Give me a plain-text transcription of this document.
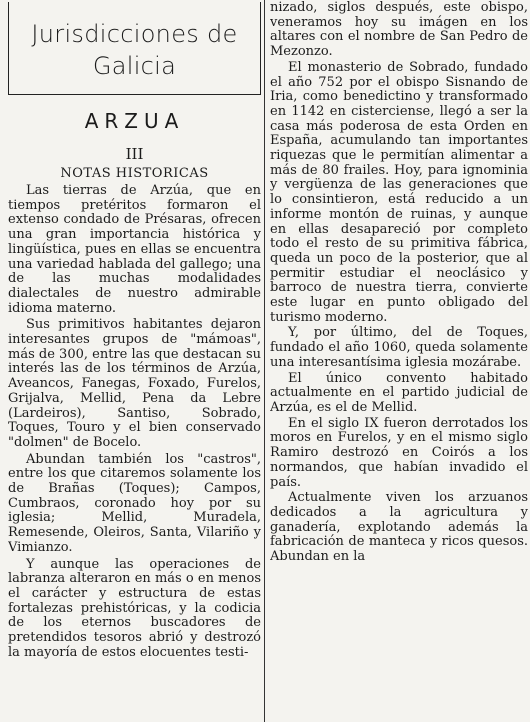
Jurisdicciones de
Galicia
ARZUA
III
NOTAS HISTORICAS

Las tierras de Arzúa, que en tiempos pretéritos formaron el extenso condado de Présaras, ofrecen una gran importancia histórica y lingüística, pues en ellas se encuentra una variedad hablada del gallego; una de las muchas modalidades dialectales de nuestro admirable idioma materno.

Sus primitivos habitantes dejaron interesantes grupos de "mámoas", más de 300, entre las que destacan su interés las de los términos de Arzúa, Aveancos, Fanegas, Foxado, Furelos, Grijalva, Mellid, Pena da Lebre (Lardeiros), Santiso, Sobrado, Toques, Touro y el bien conservado "dolmen" de Bocelo.

Abundan también los "castros", entre los que citaremos solamente los de Brañas (Toques); Campos, Cumbraos, coronado hoy por su iglesia; Mellid, Muradela, Remesende, Oleiros, Santa, Vilariño y Vimianzo.

Y aunque las operaciones de labranza alteraron en más o en menos el carácter y estructura de estas fortalezas prehistóricas, y la codicia de los eternos buscadores de pretendidos tesoros abrió y destrozó la mayoría de estos elocuentes testi-

nizado, siglos después, este obispo, veneramos hoy su imágen en los altares con el nombre de San Pedro de Mezonzo.

El monasterio de Sobrado, fundado el año 752 por el obispo Sisnando de Iria, como benedictino y transformado en 1142 en cisterciense, llegó a ser la casa más poderosa de esta Orden en España, acumulando tan importantes riquezas que le permitían alimentar a más de 80 frailes. Hoy, para ignominia y vergüenza de las generaciones que lo consintieron, está reducido a un informe montón de ruinas, y aunque en ellas desapareció por completo todo el resto de su primitiva fábrica, queda un poco de la posterior, que al permitir estudiar el neoclásico y barroco de nuestra tierra, convierte este lugar en punto obligado del turismo moderno.

Y, por último, del de Toques, fundado el año 1060, queda solamente una interesantísima iglesia mozárabe.

El único convento habitado actualmente en el partido judicial de Arzúa, es el de Mellid.

En el siglo IX fueron derrotados los moros en Furelos, y en el mismo siglo Ramiro destrozó en Coirós a los normandos, que habían invadido el país.

Actualmente viven los arzuanos dedicados a la agricultura y ganadería, explotando además la fabricación de manteca y ricos quesos. Abundan en la
